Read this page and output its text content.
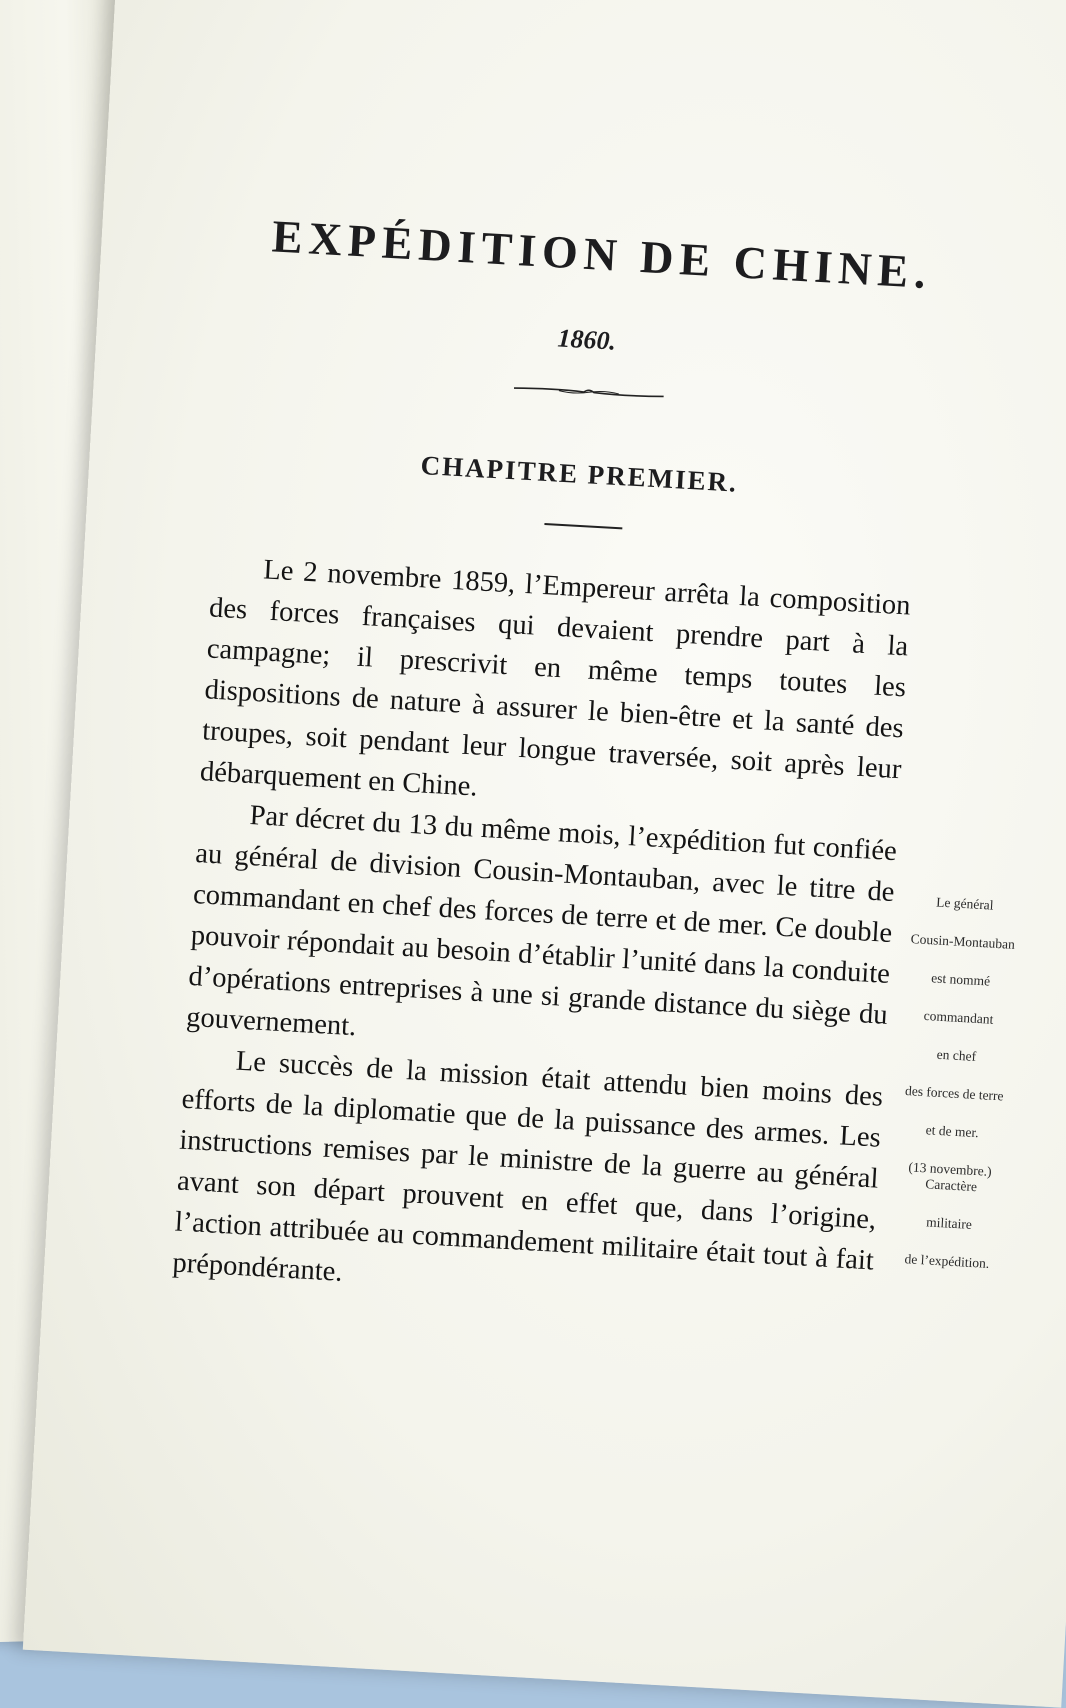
EXPÉDITION DE CHINE.
1860.
CHAPITRE PREMIER.

Le 2 novembre 1859, l’Empereur arrêta la composition des forces françaises qui devaient prendre part à la campagne; il prescrivit en même temps toutes les dispositions de nature à assurer le bien-être et la santé des troupes, soit pendant leur longue traversée, soit après leur débarquement en Chine.

Par décret du 13 du même mois, l’expédition fut confiée au général de division Cousin-Montauban, avec le titre de commandant en chef des forces de terre et de mer. Ce double pouvoir répondait au besoin d’établir l’unité dans la conduite d’opérations entreprises à une si grande distance du siège du gouvernement.

Le succès de la mission était attendu bien moins des efforts de la diplomatie que de la puissance des armes. Les instructions remises par le ministre de la guerre au général avant son départ prouvent en effet que, dans l’origine, l’action attribuée au commandement militaire était tout à fait prépondérante.

Le général

Cousin-Montauban

est nommé

commandant

en chef

des forces de terre

et de mer.

(13 novembre.)

Caractère

militaire

de l’expédition.
